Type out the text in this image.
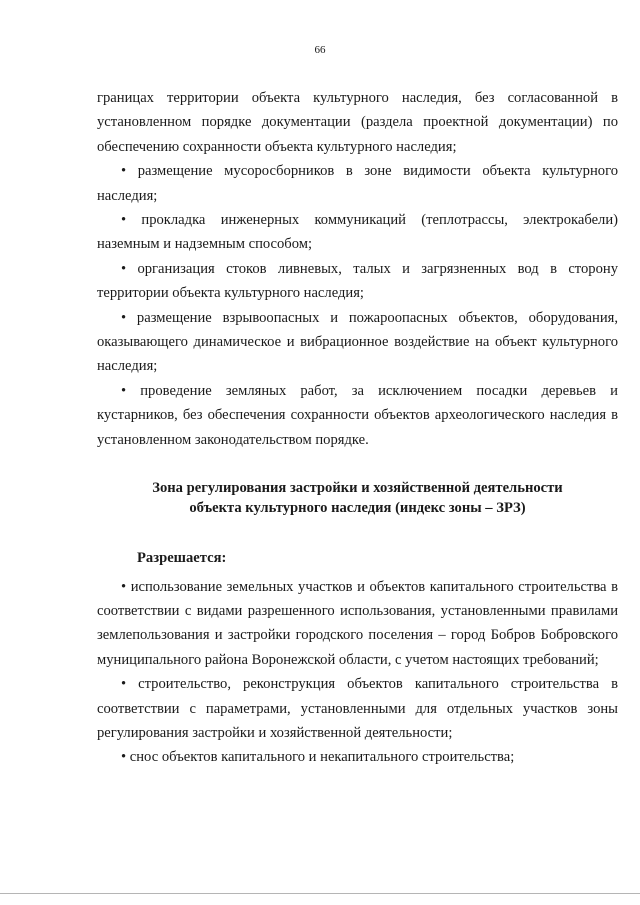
66

границах территории объекта культурного наследия, без согласованной в установленном порядке документации (раздела проектной документации) по обеспечению сохранности объекта культурного наследия;

• размещение мусоросборников в зоне видимости объекта культурного наследия;

• прокладка инженерных коммуникаций (теплотрассы, электрокабели) наземным и надземным способом;

• организация стоков ливневых, талых и загрязненных вод в сторону территории объекта культурного наследия;

• размещение взрывоопасных и пожароопасных объектов, оборудования, оказывающего динамическое и вибрационное воздействие на объект культурного наследия;

• проведение земляных работ, за исключением посадки деревьев и кустарников, без обеспечения сохранности объектов археологического наследия в установленном законодательством порядке.

Зона регулирования застройки и хозяйственной деятельности
объекта культурного наследия (индекс зоны – ЗРЗ)

Разрешается:

• использование земельных участков и объектов капитального строительства в соответствии с видами разрешенного использования, установленными правилами землепользования и застройки городского поселения – город Бобров Бобровского муниципального района Воронежской области, с учетом настоящих требований;

• строительство, реконструкция объектов капитального строительства в соответствии с параметрами, установленными для отдельных участков зоны регулирования застройки и хозяйственной деятельности;

• снос объектов капитального и некапитального строительства;
